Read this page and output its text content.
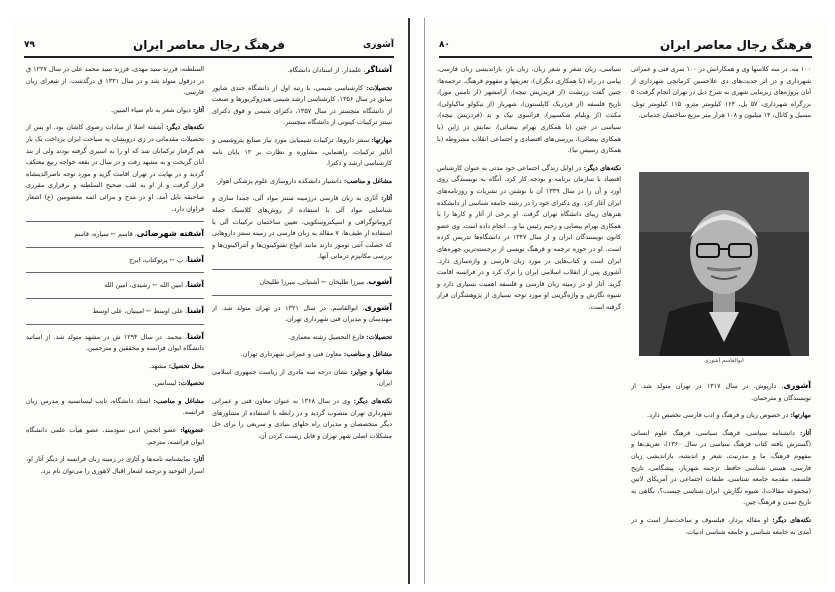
آشوری
فرهنگ رجال معاصر ایران
۷۹
آشناگر، علمدار. از استادان دانشگاه.
تحصیلات: کارشناسی شیمی، با رتبه اول از دانشگاه جندی شاپور سابق در سال ۱۳۵۶، کارشناسی ارشد شیمی هیدروکربورها و صنعت از دانشگاه منچستر در سال ۱۳۵۷، دکترای شیمی و فوق دکترای سنتز ترکیبات کینونی از دانشگاه منچستر.
مهارتها: سنتز داروها، ترکیبات شیمیایی مورد نیاز صنایع پتروشیمی و آنالیز ترکیبات، راهنمایی، مشاوره و نظارت بر ۱۲ پایان نامه کارشناسی ارشد و دکترا.
مشاغل و مناصب: دانشیار دانشکده داروسازی علوم پزشکی اهواز.
آثار: آثاری به زبان فارسی درزمینه سنتز مواد آلی، جمدا سازی و شناسایی مواد آلی با استفاده از روش‌های کلاسیک جمله کروماتوگرافی و اسپکتروسکوپی، تعیین ساختمان ترکیبات آلی با استفاده از طیف‌ها، ۷ مقاله به زبان فارسی در زمینه سنتز داروهایی که خصلت آنتی تومور دارند مانند انواع نفتوکینون‌ها و آنتراکینون‌ها و بررسی مکانیزم درمانی آنها.
آشوب، میرزا طلیخان ← آشتیانی، میرزا طلیخان
آشوری، ابوالقاسم. در سال ۱۳۲۱ در تهران متولد شد. از مهندسان و مدیران فنی شهرداری تهران.
تحصیلات: فارغ التحصیل رشته معماری.
مشاغل و مناصب: معاون فنی و عمرانی شهرداری تهران.
نشانها و جوایز: نشان درجه سه مادری از ریاست جمهوری اسلامی ایران.
نکته‌های دیگر: وی در سال ۱۳۶۸ به عنوان معاون فنی و عمرانی شهرداری تهران منصوب گردید و در رابطه با استفاده از مشاورهای دیگر متخصصان و مدیران راه حلهای بنیادی و سریعی را برای حل مشکلات اصلی شهر تهران و قابل زیست کردن آن.
السلطنه، فرزند سید مهدی، فرزند سید محمد علی در سال ۱۲۲۷ ق در دزفول متولد شد و در سال ۱۳۳۱ ق درگذشت. از شعرای زبان فارسی.
آثار: دیوان شعر به نام ضیاء المبین.
نکته‌های دیگر: آشفته اصلا از سادات رضوی کاشان بود. او پس از تحصیلات مقدماتی در زی درویشان به سیاحت ایران پرداخت یک بار هم گرفتار ترکمانان شد که او را به اسیری گرفته بودند ولی از بند آنان گریخت و به مشهد رفت و در سال در بقعه خواجه ربیع معتکف گردید و در نهایت در تهران اقامت گزید و مورد توجه ناصرالدینشاه قرار گرفت و از او به لقب صحیح السلطنه و برقراری مقرری صاحبقه نایل آمد. او در مدح و مراثی ائمه معصومین (ع) اشعار فراوان دارد.
آشفته شهرضائی، قاسم ← سیاره، قاسم
آشنا، پ ← پرتوکتاب، ایرج
آشنا، امین الله ← رشیدی، امین الله
آشنا، علی اوسط ← امینیان، علی اوسط
آشنا، محمد. در سال ۱۲۹۴ ش در مشهد متولد شد. از اساتید دانشگاه ایوان فرانسه و محققین و مترجمین.
محل تحصیل: مشهد.
تحصیلات: لیسانس.
مشاغل و مناصب: استاد دانشگاه، نایب لیسانسیه و مدرس زبان فرانسه.
عضویتها: عضو انجمن ادبی سودمند، عضو هیأت علمی دانشگاه ایوان فرانسه، مترجم.
آثار: نمایشنامه نامه‌ها و آثاری در زمینه زبان فرانسه از دیگر آثار او، اسرار التوحید و ترجمه اشعار اقبال لاهوری را می‌توان نام برد.
فرهنگ رجال معاصر ایران
۸۰
۱۰۰ مه. در سه کلاسها وی و همکارانش در ۱۰۰ سری فنی و عمرانی شهرداری و در اثر جدیت‌های دی علاحسین کرمانچی شهرداری از آنان پروژه‌های زیربنایی شهری به شرح ذیل در تهران انجام گرفت: ۵ بزرگراه شهرداری، ۵۷ پل، ۱۶۴ کیلومتر مترو، ۱۱۵ کیلومتر تونل، مسیل و کانال، ۱۴ میلیون و ۱۰۸ هزار متر مربع ساختمان خدماتی.
ابوالقاسم آشوری
آشوری، داریوش. در سال ۱۳۱۷ در تهران متولد شد. از نویسندگان و مترجمان.
مهارتها: در خصوص زبان و فرهنگ و ادب فارسی تخصص دارد.
آثار: دانشنامه سیاسی، فرهنگ سیاسی، فرهنگ علوم انسانی (گسترش یافته کتاب فرهنگ سیاسی در سال ۱۳۶۰)، تعریف‌ها و مفهوم فرهنگ، ما و مدرنیت، شعر و اندیشه، بازاندیشی زبان فارسی، هستی شناسی حافظ، ترجمه شهریار، پیشگامی، تاریخ فلسفه، مقدمه جامعه شناسی، طبقات اجتماعی در آمریکای لاتین (مجموعه مقالات)، شیوه نگارش، ایران شناسی چیست؟، نگاهی به تاریخ تمدن و فرهنگ چین.
نکته‌های دیگر: او مقاله پرداز، فیلسوف و ساخت‌ساز است و در آمدی به جامعه شناسی و جامعه شناسی ادبیات.
سیاسی، زبان شعر و شعر زبان، زبان باز، بازاندیشی زبان فارسی، پیامی در راه (با همکاری دیگران)، تعریفها و مفهوم فرهنگ. ترجمه‌ها: چنین گفت زرتشت (از فریدریش نیچه)، آرامشهر (از تامس مور)، تاریخ فلسفه (از فردریک کاپلستون)، شهریار (از نیکولو ماکیاولی)، مکبث (از ویلیام شکسپیر)، فراسوی نیک و بد (فردریش نیچه)، سیاسی در چین (با همکاری بهرام بیضائی)، نمایش در ژاپن (با همکاری بیضائی)، بررسی‌های اقتصادی و اجتماعی انقلاب مشروطه (با همکاری رسیس نیا).
نکته‌های دیگر: در اوایل زندگی اجتماعی خود مدتی به عنوان کارشناس اقتصاد با سازمان برنامه و بودجه کار کرد. آنگاه به نویسندگی روی آورد و آن را در سال ۱۳۳۹ آن با نوشتن در نشریات و روزنامه‌های ایران آغاز کرد. وی دکترای خود را در رشته جامعه شناسی از دانشکده هنرهای زیبای دانشگاه تهران گرفت. او برخی از آثار و کارها را با همکاری بهرام بیضایی و رحیم رئیس نیا و... انجام داده است. وی عضو کانون نویسندگان ایران و از سال ۱۳۴۷ در دانشگاه‌ها تدریس کرده است. او در حوزه ترجمه و فرهنگ نویسی از برجسته‌ترین چهره‌های ایران است و کتاب‌هایی در مورد زبان فارسی و واژه‌سازی دارد. آشوری پس از انقلاب اسلامی ایران را ترک کرد و در فرانسه اقامت گزید. آثار او در زمینه زبان فارسی و فلسفه اهمیت بسیاری دارد و شیوه نگارش و واژه‌گزینی او مورد توجه بسیاری از پژوهشگران قرار گرفته است.
